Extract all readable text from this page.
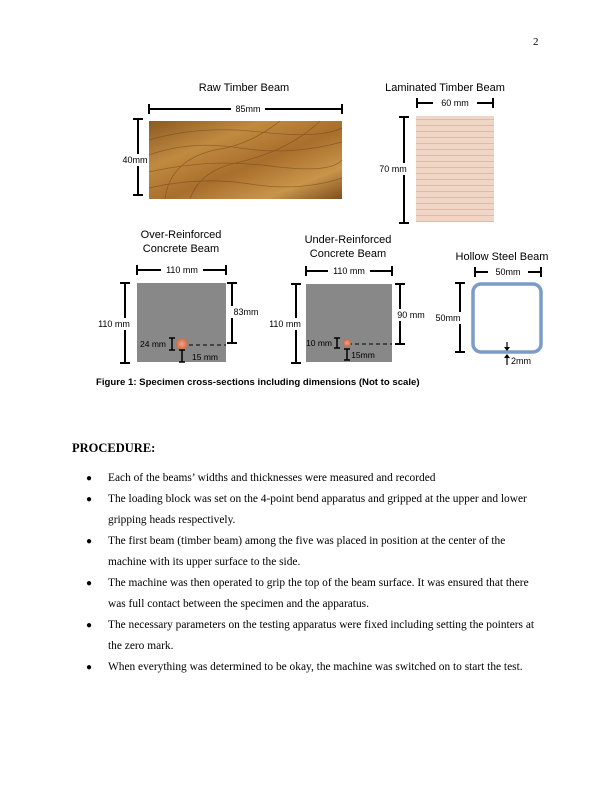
2
Raw Timber Beam
85mm
40mm
Laminated Timber Beam
60 mm
70 mm
Over-Reinforced
Concrete Beam
110 mm
110 mm
83mm
24 mm
15 mm
Under-Reinforced
Concrete Beam
110 mm
110 mm
90 mm
10 mm
15mm
Hollow Steel Beam
50mm
50mm
2mm
Figure 1: Specimen cross-sections including dimensions (Not to scale)
PROCEDURE:
● Each of the beams’ widths and thicknesses were measured and recorded
● The loading block was set on the 4-point bend apparatus and gripped at the upper and lower gripping heads respectively.
● The first beam (timber beam) among the five was placed in position at the center of the machine with its upper surface to the side.
● The machine was then operated to grip the top of the beam surface. It was ensured that there was full contact between the specimen and the apparatus.
● The necessary parameters on the testing apparatus were fixed including setting the pointers at the zero mark.
● When everything was determined to be okay, the machine was switched on to start the test.
